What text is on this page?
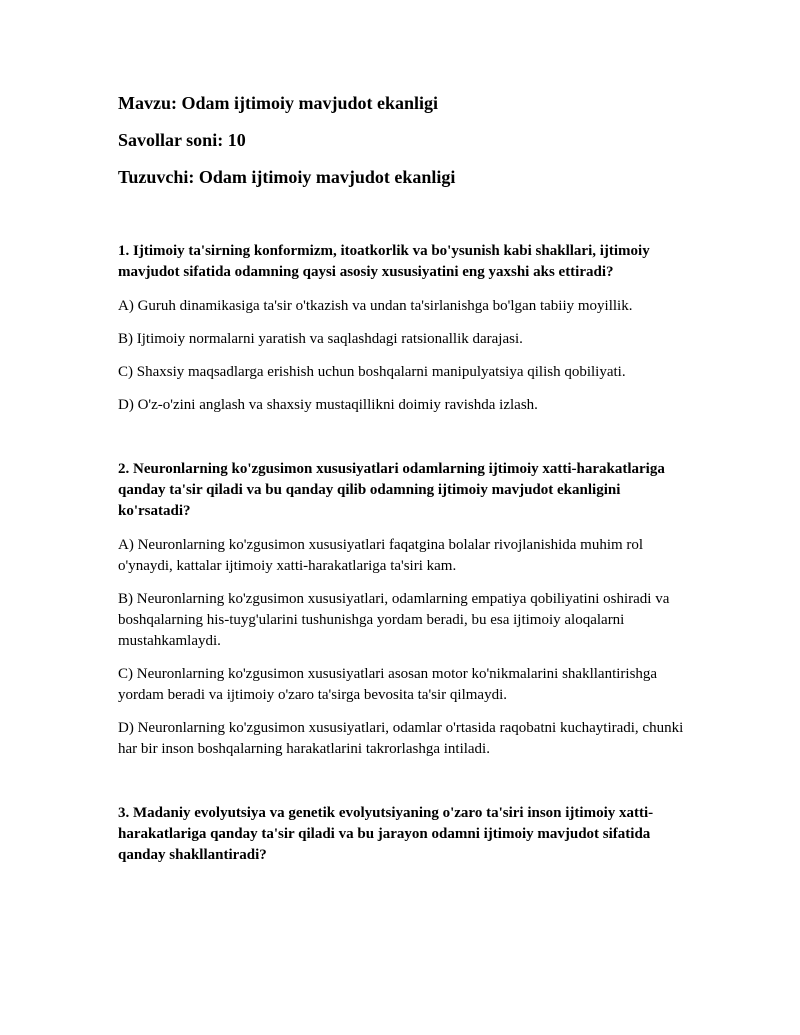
Mavzu: Odam ijtimoiy mavjudot ekanligi

Savollar soni: 10

Tuzuvchi: Odam ijtimoiy mavjudot ekanligi

1. Ijtimoiy ta'sirning konformizm, itoatkorlik va bo'ysunish kabi shakllari, ijtimoiy mavjudot sifatida odamning qaysi asosiy xususiyatini eng yaxshi aks ettiradi?

A) Guruh dinamikasiga ta'sir o'tkazish va undan ta'sirlanishga bo'lgan tabiiy moyillik.

B) Ijtimoiy normalarni yaratish va saqlashdagi ratsionallik darajasi.

C) Shaxsiy maqsadlarga erishish uchun boshqalarni manipulyatsiya qilish qobiliyati.

D) O'z-o'zini anglash va shaxsiy mustaqillikni doimiy ravishda izlash.

2. Neuronlarning ko'zgusimon xususiyatlari odamlarning ijtimoiy xatti-harakatlariga qanday ta'sir qiladi va bu qanday qilib odamning ijtimoiy mavjudot ekanligini ko'rsatadi?

A) Neuronlarning ko'zgusimon xususiyatlari faqatgina bolalar rivojlanishida muhim rol o'ynaydi, kattalar ijtimoiy xatti-harakatlariga ta'siri kam.

B) Neuronlarning ko'zgusimon xususiyatlari, odamlarning empatiya qobiliyatini oshiradi va boshqalarning his-tuyg'ularini tushunishga yordam beradi, bu esa ijtimoiy aloqalarni mustahkamlaydi.

C) Neuronlarning ko'zgusimon xususiyatlari asosan motor ko'nikmalarini shakllantirishga yordam beradi va ijtimoiy o'zaro ta'sirga bevosita ta'sir qilmaydi.

D) Neuronlarning ko'zgusimon xususiyatlari, odamlar o'rtasida raqobatni kuchaytiradi, chunki har bir inson boshqalarning harakatlarini takrorlashga intiladi.

3. Madaniy evolyutsiya va genetik evolyutsiyaning o'zaro ta'siri inson ijtimoiy xatti-harakatlariga qanday ta'sir qiladi va bu jarayon odamni ijtimoiy mavjudot sifatida qanday shakllantiradi?
